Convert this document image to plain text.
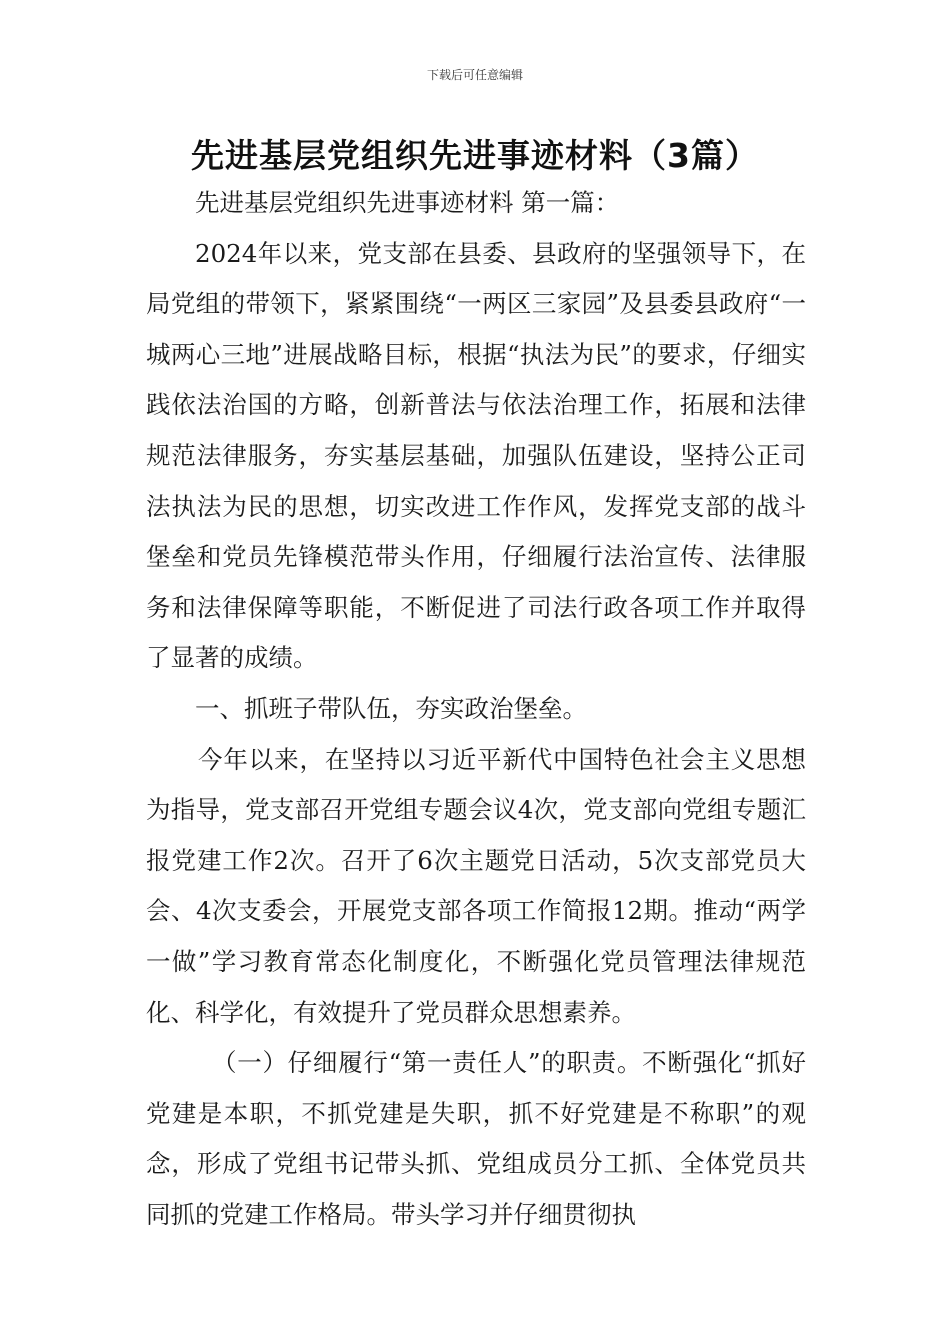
下载后可任意编辑
先进基层党组织先进事迹材料（3篇）

先进基层党组织先进事迹材料 第一篇：

2024年以来，党支部在县委、县政府的坚强领导下，在局党组的带领下，紧紧围绕“一两区三家园”及县委县政府“一城两心三地”进展战略目标，根据“执法为民”的要求，仔细实践依法治国的方略，创新普法与依法治理工作，拓展和法律规范法律服务，夯实基层基础，加强队伍建设，坚持公正司法执法为民的思想，切实改进工作作风，发挥党支部的战斗堡垒和党员先锋模范带头作用，仔细履行法治宣传、法律服务和法律保障等职能，不断促进了司法行政各项工作并取得了显著的成绩。

一、抓班子带队伍，夯实政治堡垒。

今年以来，在坚持以习近平新代中国特色社会主义思想为指导，党支部召开党组专题会议4次，党支部向党组专题汇报党建工作2次。召开了6次主题党日活动，5次支部党员大会、4次支委会，开展党支部各项工作简报12期。推动“两学一做”学习教育常态化制度化，不断强化党员管理法律规范化、科学化，有效提升了党员群众思想素养。

（一）仔细履行“第一责任人”的职责。不断强化“抓好党建是本职，不抓党建是失职，抓不好党建是不称职”的观念，形成了党组书记带头抓、党组成员分工抓、全体党员共同抓的党建工作格局。带头学习并仔细贯彻执
